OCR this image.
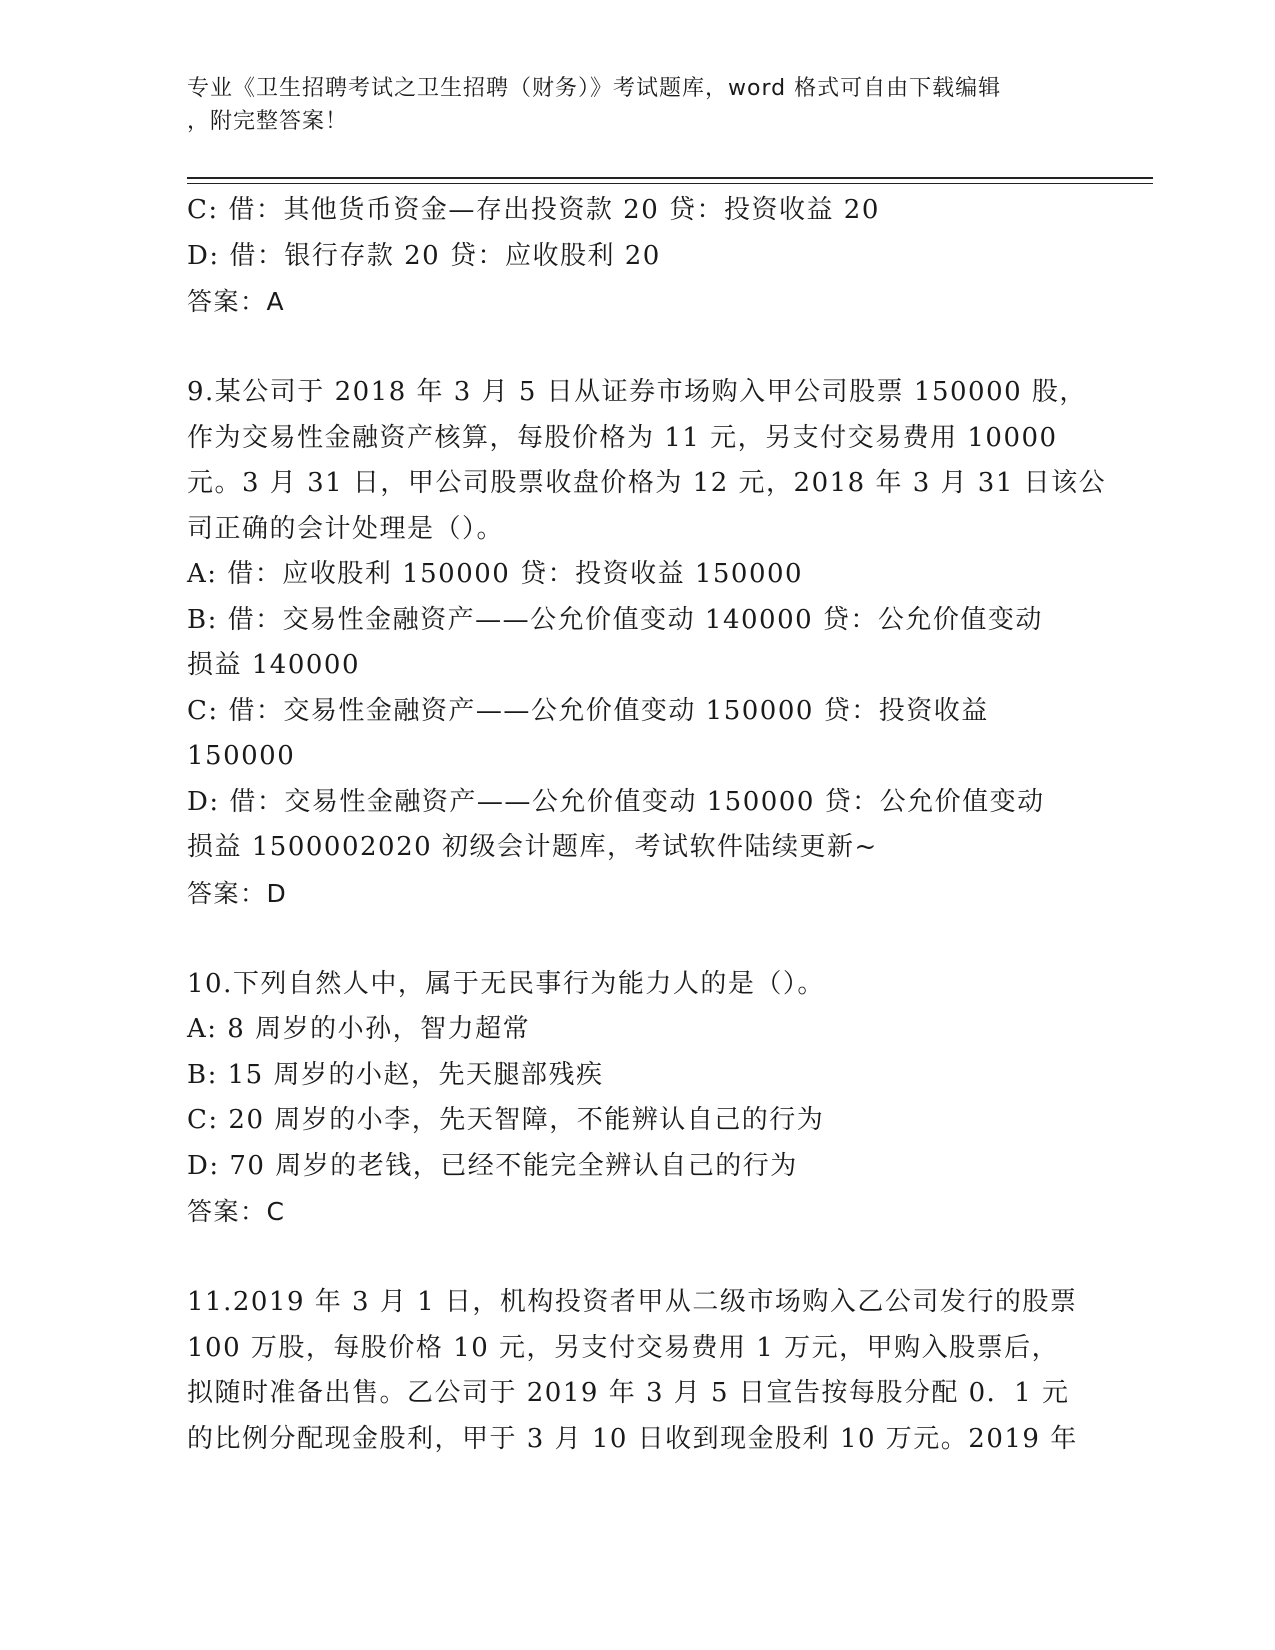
专业《卫生招聘考试之卫生招聘（财务）》考试题库，word 格式可自由下载编辑
，附完整答案！
C: 借：其他货币资金—存出投资款 20 贷：投资收益 20
D: 借：银行存款 20 贷：应收股利 20
答案：A
9.某公司于 2018 年 3 月 5 日从证券市场购入甲公司股票 150000 股，
作为交易性金融资产核算，每股价格为 11 元，另支付交易费用 10000
元。3 月 31 日，甲公司股票收盘价格为 12 元，2018 年 3 月 31 日该公
司正确的会计处理是（）。
A: 借：应收股利 150000 贷：投资收益 150000
B: 借：交易性金融资产——公允价值变动 140000 贷：公允价值变动
损益 140000
C: 借：交易性金融资产——公允价值变动 150000 贷：投资收益
150000
D: 借：交易性金融资产——公允价值变动 150000 贷：公允价值变动
损益 1500002020 初级会计题库，考试软件陆续更新~
答案：D
10.下列自然人中，属于无民事行为能力人的是（）。
A: 8 周岁的小孙，智力超常
B: 15 周岁的小赵，先天腿部残疾
C: 20 周岁的小李，先天智障，不能辨认自己的行为
D: 70 周岁的老钱，已经不能完全辨认自己的行为
答案：C
11.2019 年 3 月 1 日，机构投资者甲从二级市场购入乙公司发行的股票
100 万股，每股价格 10 元，另支付交易费用 1 万元，甲购入股票后，
拟随时准备出售。乙公司于 2019 年 3 月 5 日宣告按每股分配 0．1 元
的比例分配现金股利，甲于 3 月 10 日收到现金股利 10 万元。2019 年
